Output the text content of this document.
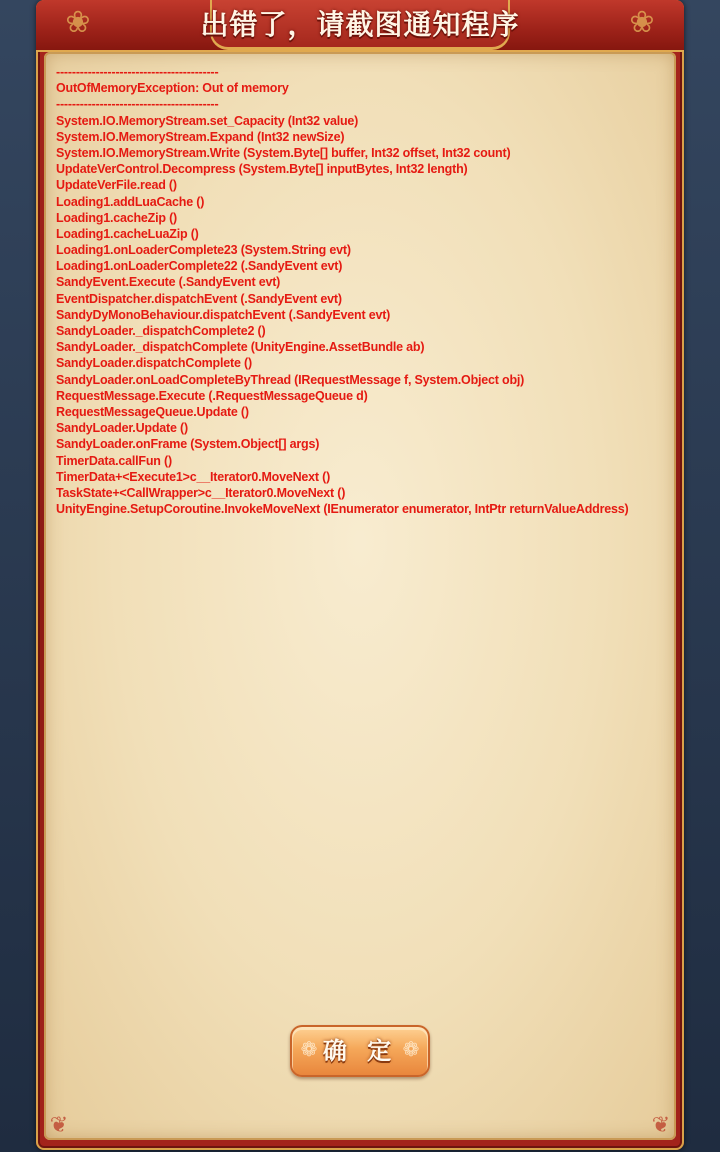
❀	❀
出错了，请截图通知程序
-----------------------------------------
OutOfMemoryException: Out of memory
-----------------------------------------
System.IO.MemoryStream.set_Capacity (Int32 value)
System.IO.MemoryStream.Expand (Int32 newSize)
System.IO.MemoryStream.Write (System.Byte[] buffer, Int32 offset, Int32 count)
UpdateVerControl.Decompress (System.Byte[] inputBytes, Int32 length)
UpdateVerFile.read ()
Loading1.addLuaCache ()
Loading1.cacheZip ()
Loading1.cacheLuaZip ()
Loading1.onLoaderComplete23 (System.String evt)
Loading1.onLoaderComplete22 (.SandyEvent evt)
SandyEvent.Execute (.SandyEvent evt)
EventDispatcher.dispatchEvent (.SandyEvent evt)
SandyDyMonoBehaviour.dispatchEvent (.SandyEvent evt)
SandyLoader._dispatchComplete2 ()
SandyLoader._dispatchComplete (UnityEngine.AssetBundle ab)
SandyLoader.dispatchComplete ()
SandyLoader.onLoadCompleteByThread (IRequestMessage f, System.Object obj)
RequestMessage.Execute (.RequestMessageQueue d)
RequestMessageQueue.Update ()
SandyLoader.Update ()
SandyLoader.onFrame (System.Object[] args)
TimerData.callFun ()
TimerData+<Execute1>c__Iterator0.MoveNext ()
TaskState+<CallWrapper>c__Iterator0.MoveNext ()
UnityEngine.SetupCoroutine.InvokeMoveNext (IEnumerator enumerator, IntPtr returnValueAddress)
❦	❦
❁ 确 定 ❁
